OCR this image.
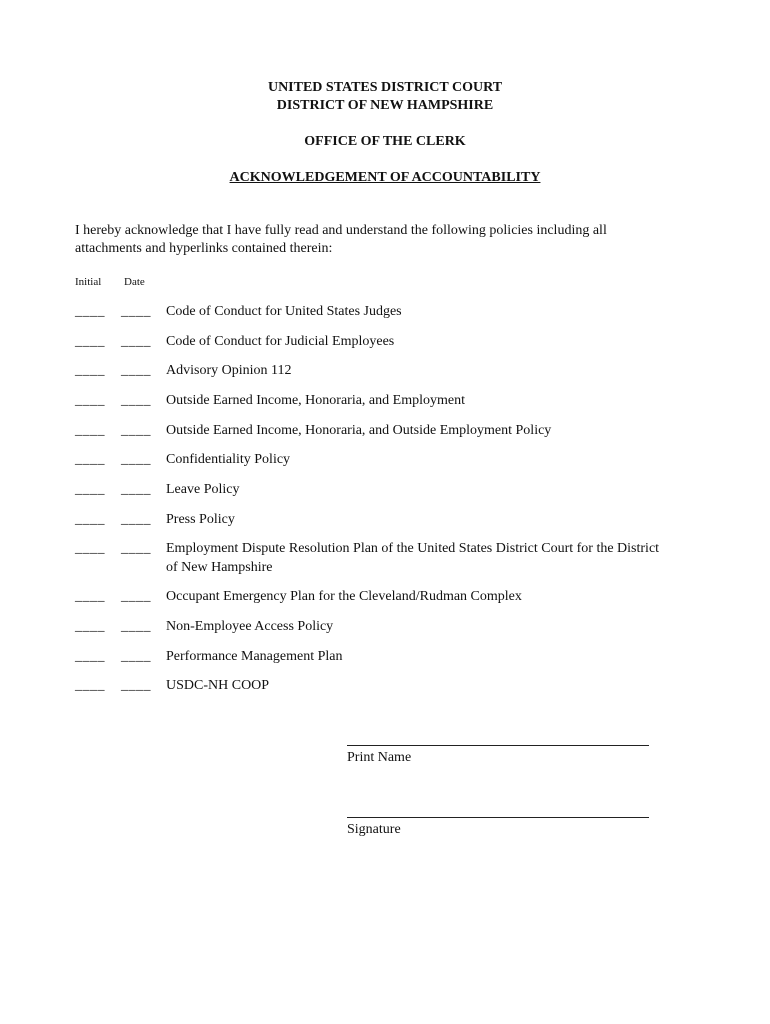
UNITED STATES DISTRICT COURT
DISTRICT OF NEW HAMPSHIRE
OFFICE OF THE CLERK
ACKNOWLEDGEMENT OF ACCOUNTABILITY
I hereby acknowledge that I have fully read and understand the following policies including all attachments and hyperlinks contained therein:
Initial Date
____ ____ Code of Conduct for United States Judges
____ ____ Code of Conduct for Judicial Employees
____ ____ Advisory Opinion 112
____ ____ Outside Earned Income, Honoraria, and Employment
____ ____ Outside Earned Income, Honoraria, and Outside Employment Policy
____ ____ Confidentiality Policy
____ ____ Leave Policy
____ ____ Press Policy
____ ____ Employment Dispute Resolution Plan of the United States District Court for the District of New Hampshire
____ ____ Occupant Emergency Plan for the Cleveland/Rudman Complex
____ ____ Non-Employee Access Policy
____ ____ Performance Management Plan
____ ____ USDC-NH COOP
Print Name
Signature
